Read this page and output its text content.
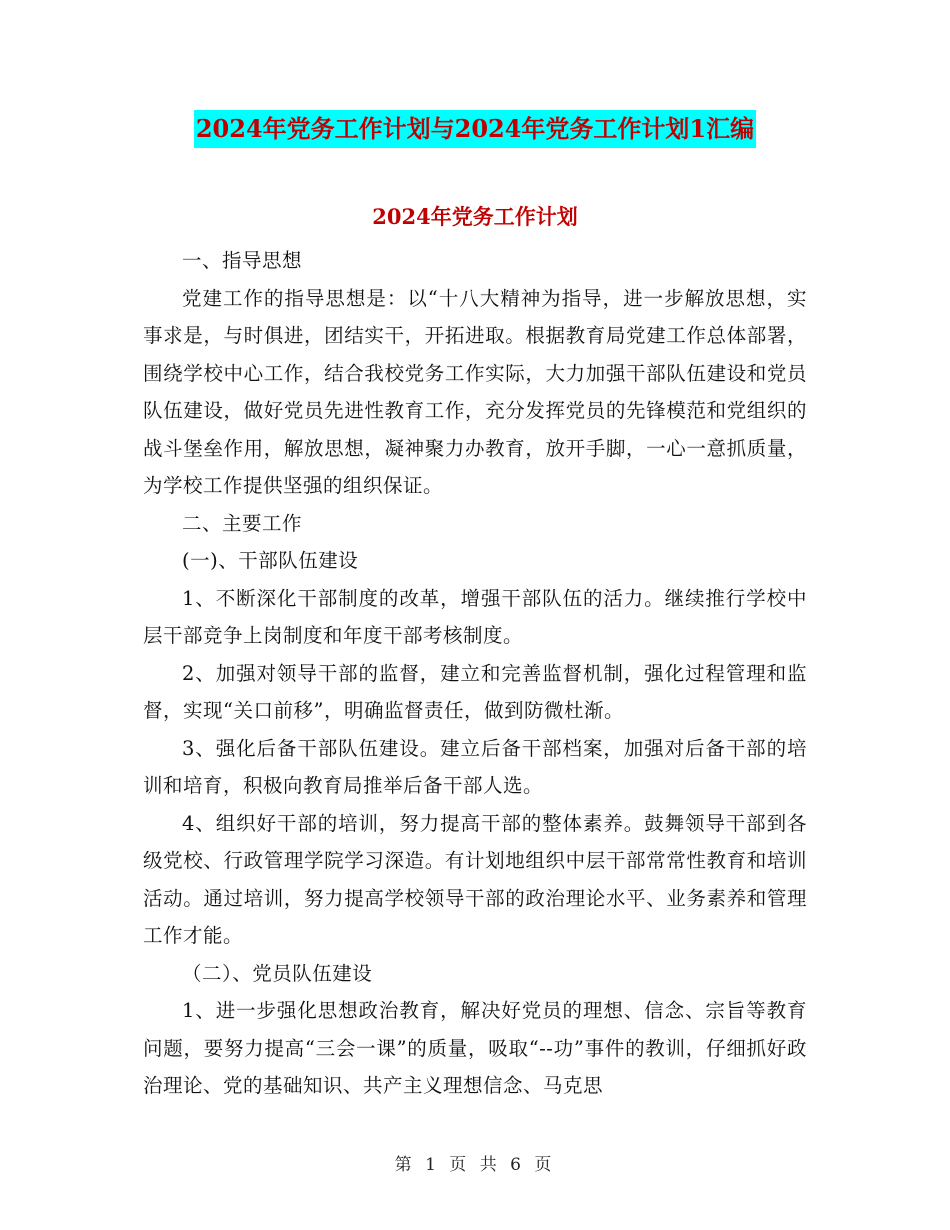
2024年党务工作计划与2024年党务工作计划1汇编
2024年党务工作计划

一、指导思想

党建工作的指导思想是：以“十八大精神为指导，进一步解放思想，实事求是，与时俱进，团结实干，开拓进取。根据教育局党建工作总体部署，围绕学校中心工作，结合我校党务工作实际，大力加强干部队伍建设和党员队伍建设，做好党员先进性教育工作，充分发挥党员的先锋模范和党组织的战斗堡垒作用，解放思想，凝神聚力办教育，放开手脚，一心一意抓质量，为学校工作提供坚强的组织保证。

二、主要工作

(一)、干部队伍建设

1、不断深化干部制度的改革，增强干部队伍的活力。继续推行学校中层干部竞争上岗制度和年度干部考核制度。

2、加强对领导干部的监督，建立和完善监督机制，强化过程管理和监督，实现“关口前移”，明确监督责任，做到防微杜渐。

3、强化后备干部队伍建设。建立后备干部档案，加强对后备干部的培训和培育，积极向教育局推举后备干部人选。

4、组织好干部的培训，努力提高干部的整体素养。鼓舞领导干部到各级党校、行政管理学院学习深造。有计划地组织中层干部常常性教育和培训活动。通过培训，努力提高学校领导干部的政治理论水平、业务素养和管理工作才能。

（二）、党员队伍建设

1、进一步强化思想政治教育，解决好党员的理想、信念、宗旨等教育问题，要努力提高“三会一课”的质量，吸取“--功”事件的教训，仔细抓好政治理论、党的基础知识、共产主义理想信念、马克思

第 1 页 共 6 页
